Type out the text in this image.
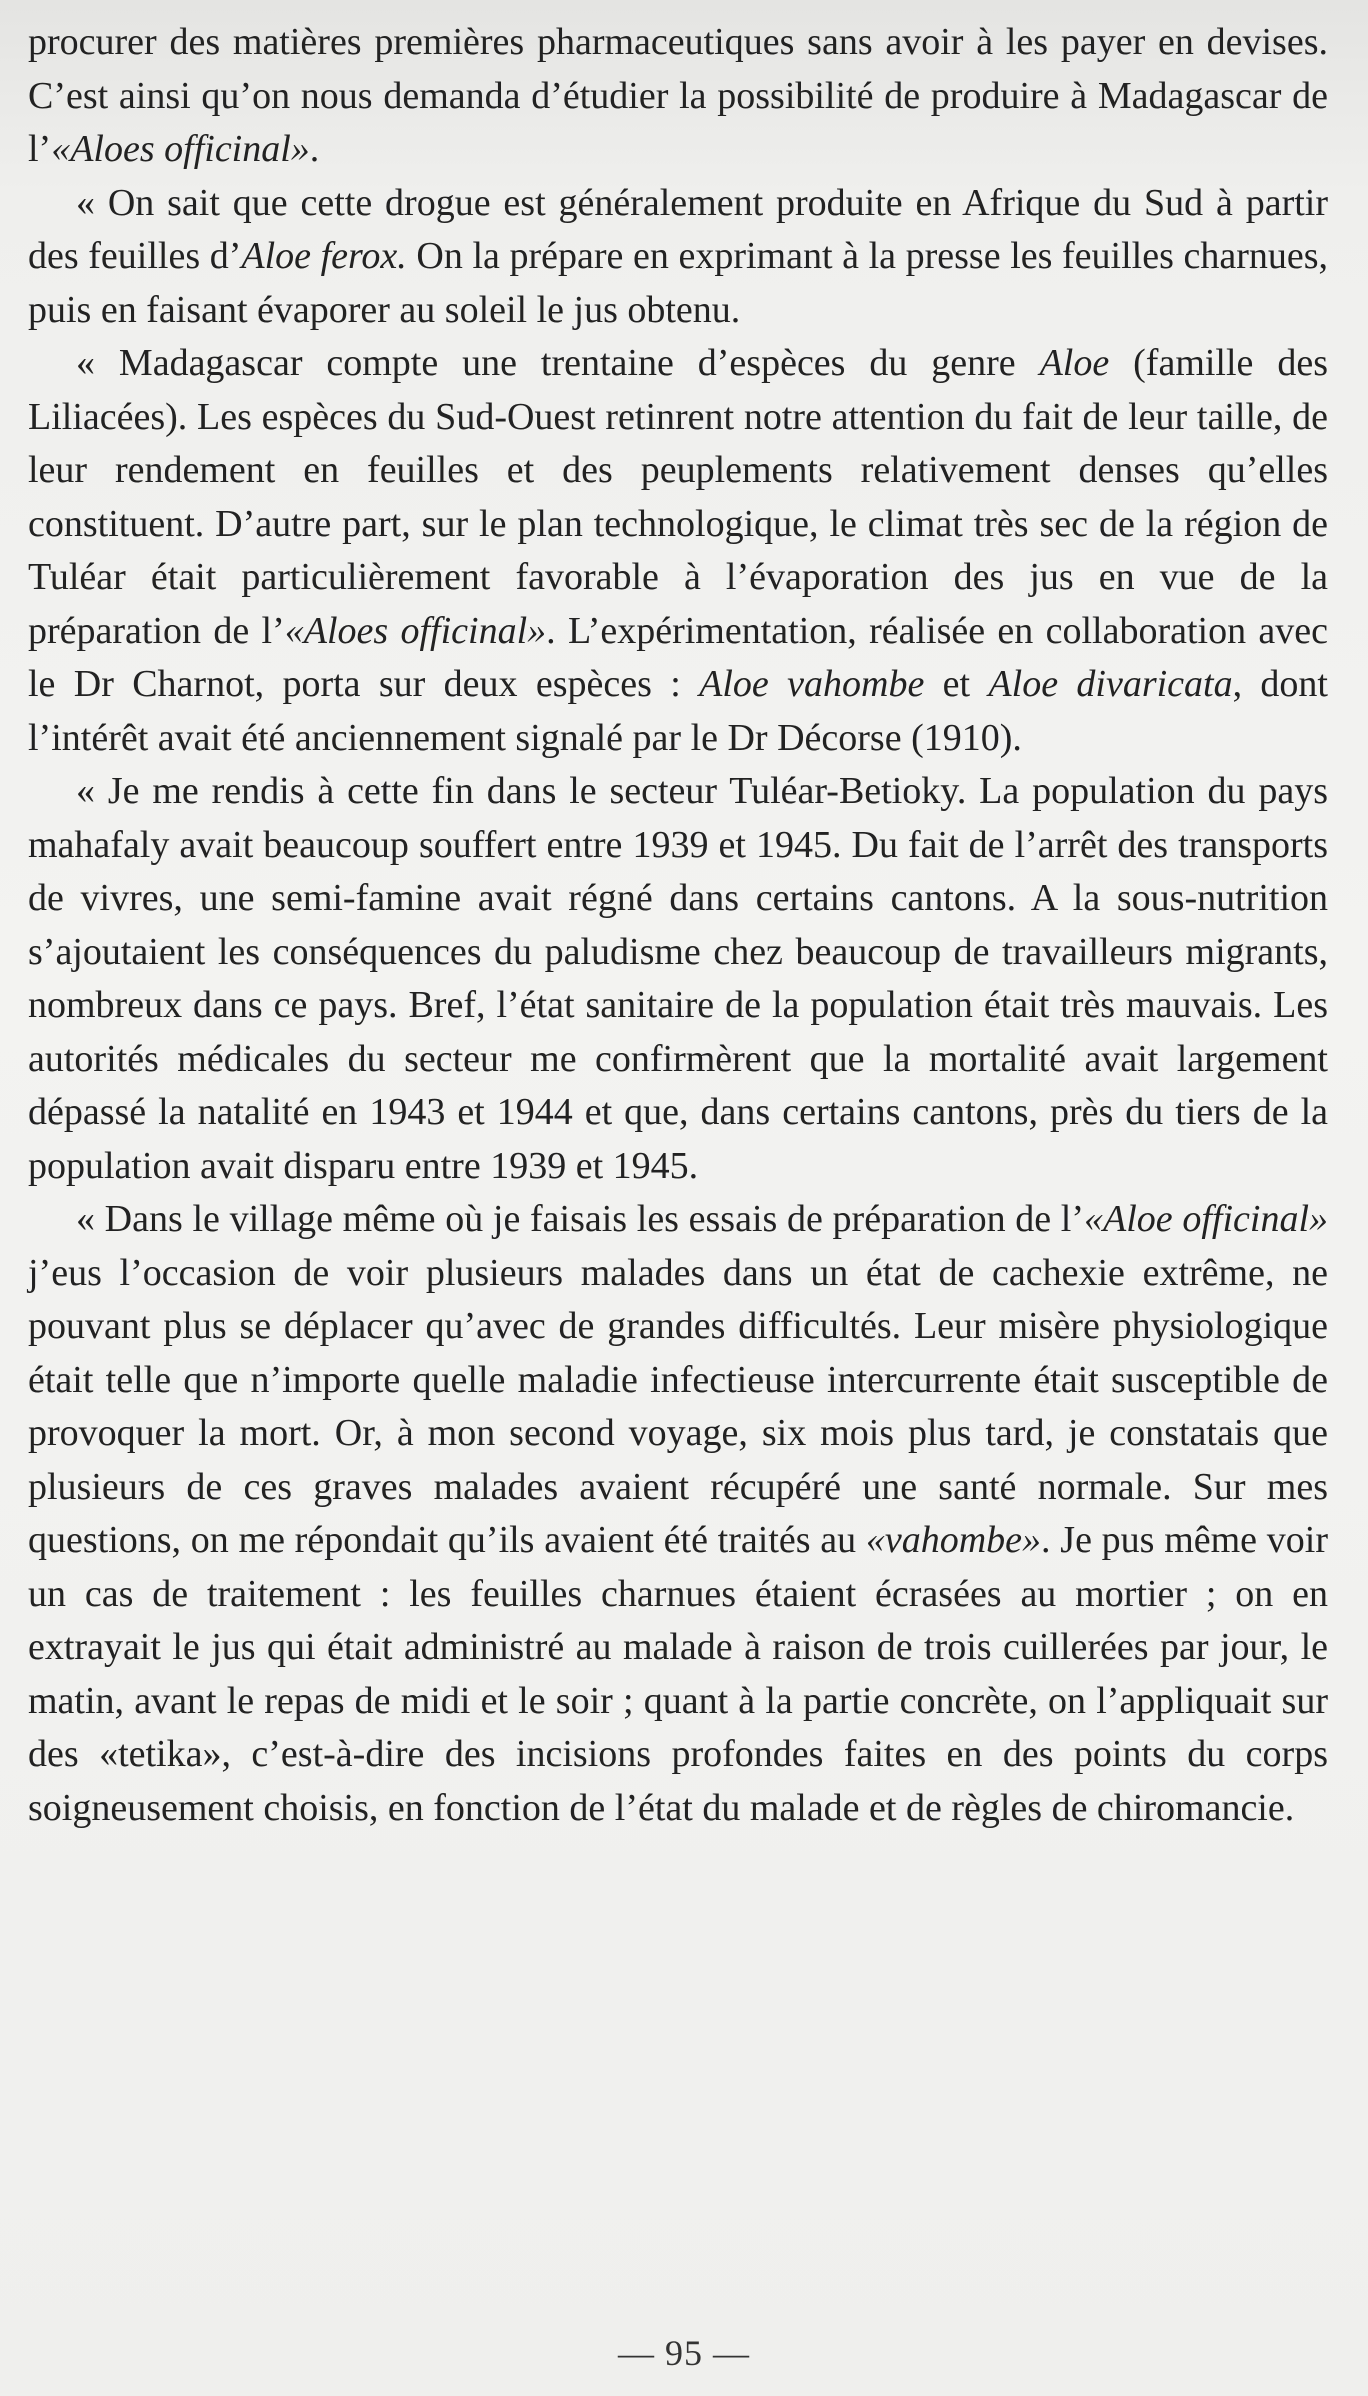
procurer des matières premières pharmaceutiques sans avoir à les payer en devises. C’est ainsi qu’on nous demanda d’étudier la possibilité de produire à Madagascar de l’«Aloes officinal».

« On sait que cette drogue est généralement produite en Afrique du Sud à partir des feuilles d’Aloe ferox. On la prépare en exprimant à la presse les feuilles charnues, puis en faisant évaporer au soleil le jus obtenu.

« Madagascar compte une trentaine d’espèces du genre Aloe (famille des Liliacées). Les espèces du Sud-Ouest retinrent notre attention du fait de leur taille, de leur rendement en feuilles et des peuplements relativement denses qu’elles constituent. D’autre part, sur le plan technologique, le climat très sec de la région de Tuléar était particulièrement favorable à l’évaporation des jus en vue de la préparation de l’«Aloes officinal». L’expérimentation, réalisée en collaboration avec le Dr Charnot, porta sur deux espèces : Aloe vahombe et Aloe divaricata, dont l’intérêt avait été anciennement signalé par le Dr Décorse (1910).

« Je me rendis à cette fin dans le secteur Tuléar-Betioky. La population du pays mahafaly avait beaucoup souffert entre 1939 et 1945. Du fait de l’arrêt des transports de vivres, une semi-famine avait régné dans certains cantons. A la sous-nutrition s’ajoutaient les conséquences du paludisme chez beaucoup de travailleurs migrants, nombreux dans ce pays. Bref, l’état sanitaire de la population était très mauvais. Les autorités médicales du secteur me confirmèrent que la mortalité avait largement dépassé la natalité en 1943 et 1944 et que, dans certains cantons, près du tiers de la population avait disparu entre 1939 et 1945.

« Dans le village même où je faisais les essais de préparation de l’«Aloe officinal» j’eus l’occasion de voir plusieurs malades dans un état de cachexie extrême, ne pouvant plus se déplacer qu’avec de grandes difficultés. Leur misère physiologique était telle que n’importe quelle maladie infectieuse intercurrente était susceptible de provoquer la mort. Or, à mon second voyage, six mois plus tard, je constatais que plusieurs de ces graves malades avaient récupéré une santé normale. Sur mes questions, on me répondait qu’ils avaient été traités au «vahombe». Je pus même voir un cas de traitement : les feuilles charnues étaient écrasées au mortier ; on en extrayait le jus qui était administré au malade à raison de trois cuillerées par jour, le matin, avant le repas de midi et le soir ; quant à la partie concrète, on l’appliquait sur des «tetika», c’est-à-dire des incisions profondes faites en des points du corps soigneusement choisis, en fonction de l’état du malade et de règles de chiromancie.

— 95 —
